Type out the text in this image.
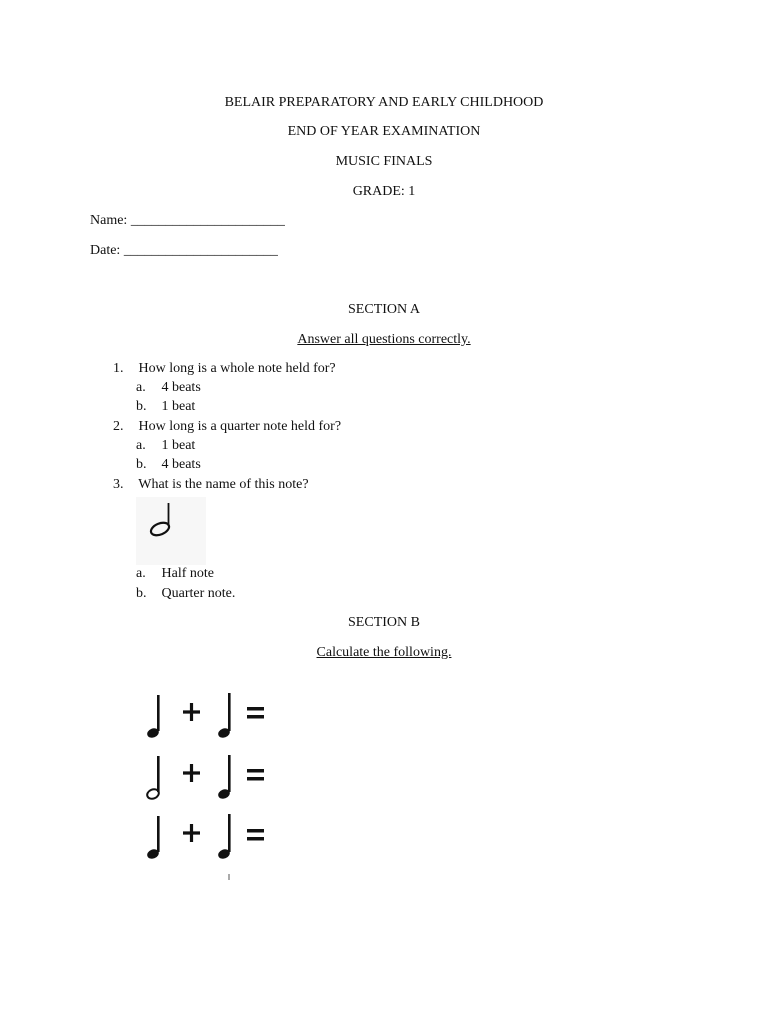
BELAIR PREPARATORY AND EARLY CHILDHOOD
END OF YEAR EXAMINATION
MUSIC FINALS
GRADE: 1
Name: ______________________
Date: ______________________
SECTION A
Answer all questions correctly.
1. How long is a whole note held for?
a. 4 beats
b. 1 beat
2. How long is a quarter note held for?
a. 1 beat
b. 4 beats
3. What is the name of this note?
a. Half note
b. Quarter note.
SECTION B
Calculate the following.
